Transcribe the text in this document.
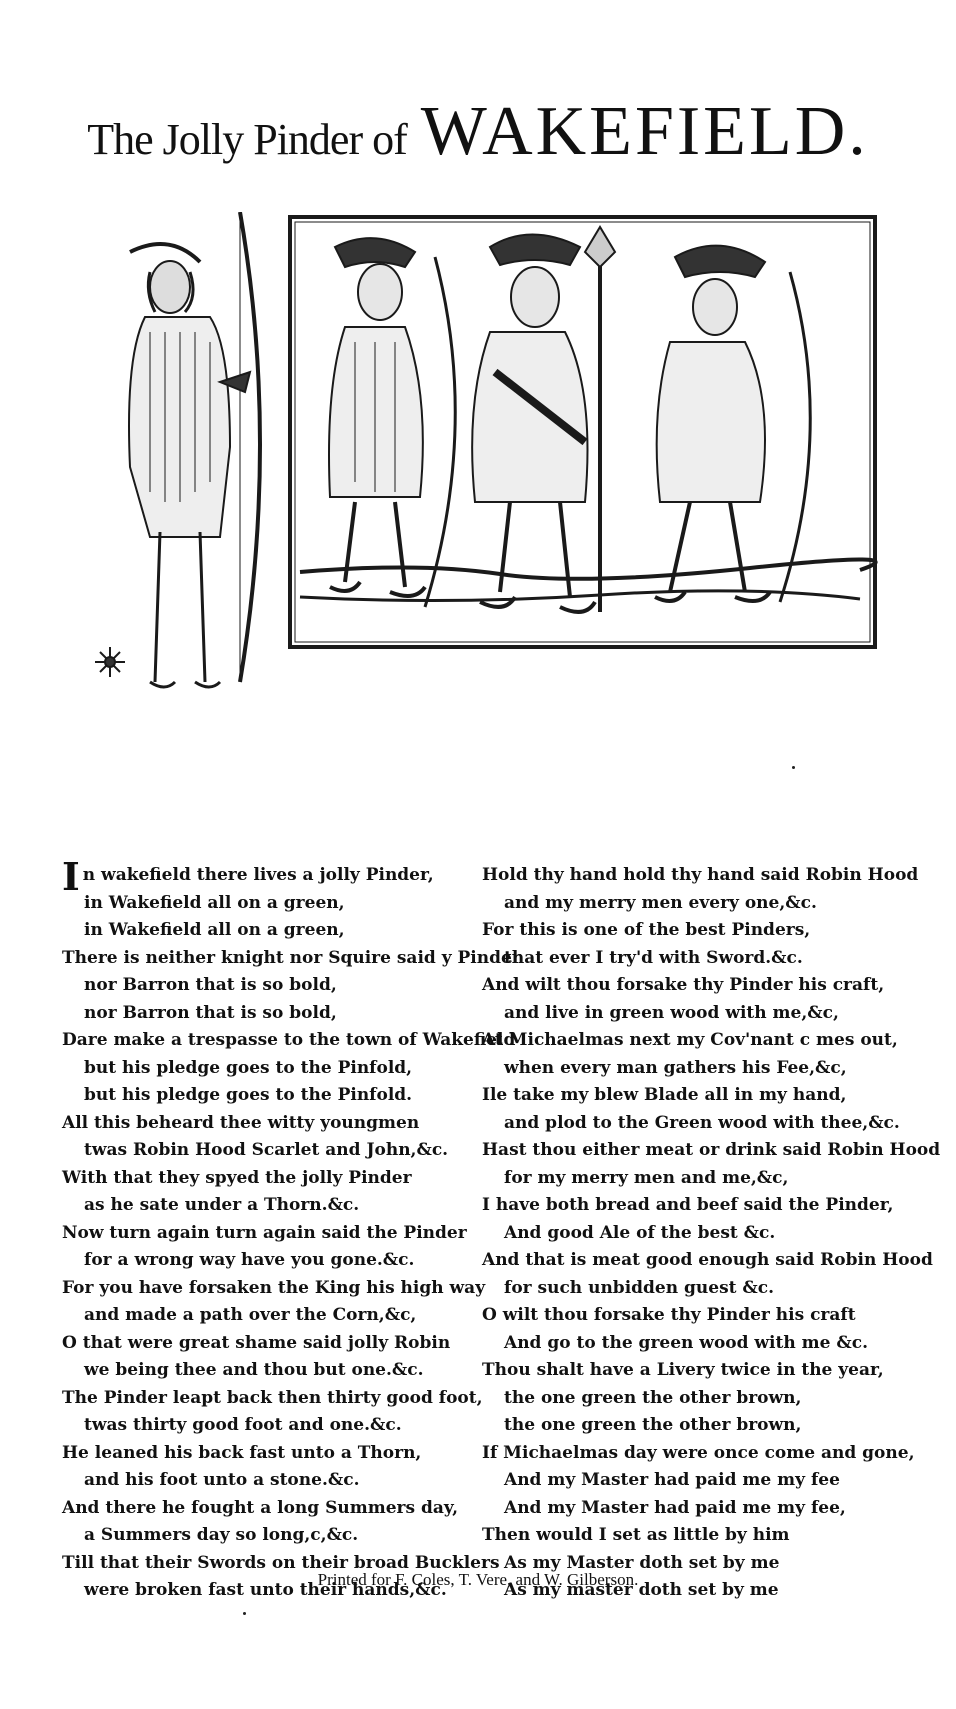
The Jolly Pinder of WAKEFIELD.
In wakefield there lives a jolly Pinder,
in Wakefield all on a green,
in Wakefield all on a green,
There is neither knight nor Squire said y Pinder
nor Barron that is so bold,
nor Barron that is so bold,
Dare make a trespasse to the town of Wakefield
but his pledge goes to the Pinfold,
but his pledge goes to the Pinfold.
All this beheard thee witty youngmen
twas Robin Hood Scarlet and John,&c.
With that they spyed the jolly Pinder
as he sate under a Thorn.&c.
Now turn again turn again said the Pinder
for a wrong way have you gone.&c.
For you have forsaken the King his high way
and made a path over the Corn,&c,
O that were great shame said jolly Robin
we being thee and thou but one.&c.
The Pinder leapt back then thirty good foot,
twas thirty good foot and one.&c.
He leaned his back fast unto a Thorn,
and his foot unto a stone.&c.
And there he fought a long Summers day,
a Summers day so long,c,&c.
Till that their Swords on their broad Bucklers
were broken fast unto their hands,&c.
Hold thy hand hold thy hand said Robin Hood
and my merry men every one,&c.
For this is one of the best Pinders,
that ever I try'd with Sword.&c.
And wilt thou forsake thy Pinder his craft,
and live in green wood with me,&c,
At Michaelmas next my Cov'nant c mes out,
when every man gathers his Fee,&c,
Ile take my blew Blade all in my hand,
and plod to the Green wood with thee,&c.
Hast thou either meat or drink said Robin Hood
for my merry men and me,&c,
I have both bread and beef said the Pinder,
And good Ale of the best &c.
And that is meat good enough said Robin Hood
for such unbidden guest &c.
O wilt thou forsake thy Pinder his craft
And go to the green wood with me &c.
Thou shalt have a Livery twice in the year,
the one green the other brown,
the one green the other brown,
If Michaelmas day were once come and gone,
And my Master had paid me my fee
And my Master had paid me my fee,
Then would I set as little by him
As my Master doth set by me
As my master doth set by me
Printed for F. Coles, T. Vere, and W. Gilberson.
